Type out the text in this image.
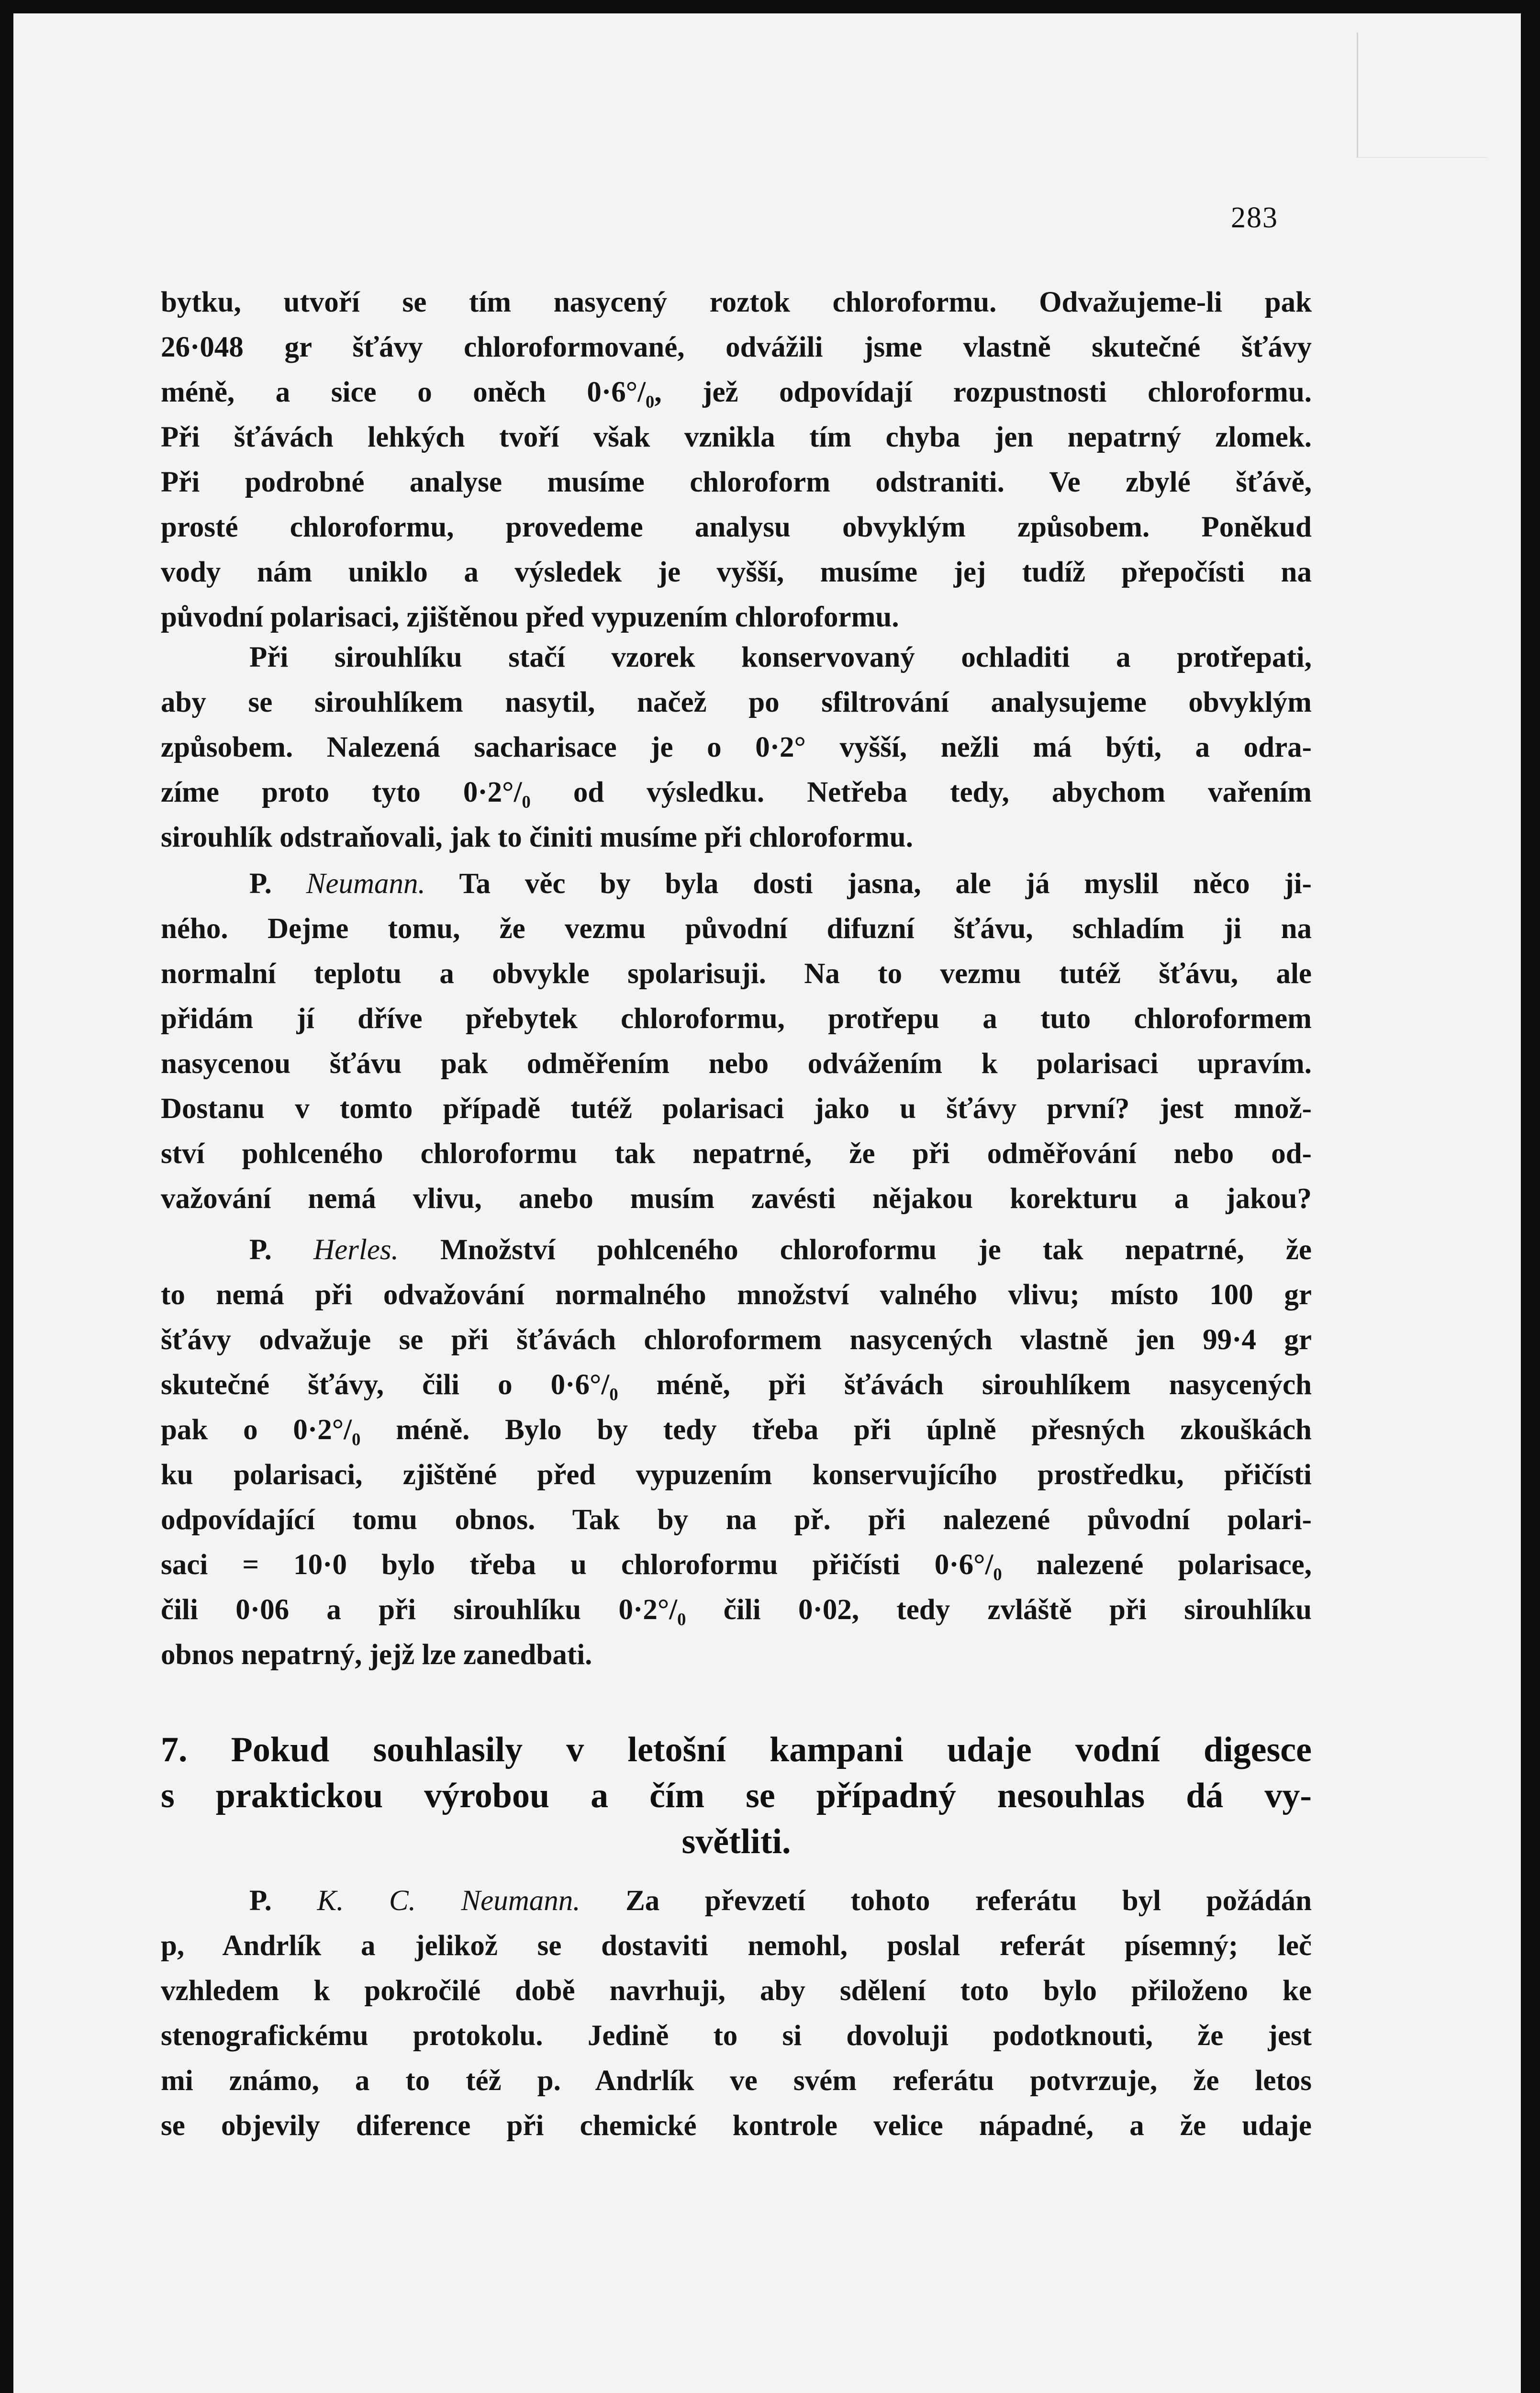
283
bytku, utvoří se tím nasycený roztok chloroformu. Odvažujeme-li pak
26·048 gr šťávy chloroformované, odvážili jsme vlastně skutečné šťávy
méně, a sice o oněch 0·6°/₀, jež odpovídají rozpustnosti chloroformu.
Při šťávách lehkých tvoří však vznikla tím chyba jen nepatrný zlomek.
Při podrobné analyse musíme chloroform odstraniti. Ve zbylé šťávě,
prosté chloroformu, provedeme analysu obvyklým způsobem. Poněkud
vody nám uniklo a výsledek je vyšší, musíme jej tudíž přepočísti na
původní polarisaci, zjištěnou před vypuzením chloroformu.
Při sirouhlíku stačí vzorek konservovaný ochladiti a protřepati,
aby se sirouhlíkem nasytil, načež po sfiltrování analysujeme obvyklým
způsobem. Nalezená sacharisace je o 0·2° vyšší, nežli má býti, a odra-
zíme proto tyto 0·2°/₀ od výsledku. Netřeba tedy, abychom vařením
sirouhlík odstraňovali, jak to činiti musíme při chloroformu.
P. Neumann. Ta věc by byla dosti jasna, ale já myslil něco ji-
ného. Dejme tomu, že vezmu původní difuzní šťávu, schladím ji na
normalní teplotu a obvykle spolarisuji. Na to vezmu tutéž šťávu, ale
přidám jí dříve přebytek chloroformu, protřepu a tuto chloroformem
nasycenou šťávu pak odměřením nebo odvážením k polarisaci upravím.
Dostanu v tomto případě tutéž polarisaci jako u šťávy první? jest množ-
ství pohlceného chloroformu tak nepatrné, že při odměřování nebo od-
važování nemá vlivu, anebo musím zavésti nějakou korekturu a jakou?
P. Herles. Množství pohlceného chloroformu je tak nepatrné, že
to nemá při odvažování normalného množství valného vlivu; místo 100 gr
šťávy odvažuje se při šťávách chloroformem nasycených vlastně jen 99·4 gr
skutečné šťávy, čili o 0·6°/₀ méně, při šťávách sirouhlíkem nasycených
pak o 0·2°/₀ méně. Bylo by tedy třeba při úplně přesných zkouškách
ku polarisaci, zjištěné před vypuzením konservujícího prostředku, přičísti
odpovídající tomu obnos. Tak by na př. při nalezené původní polari-
saci = 10·0 bylo třeba u chloroformu přičísti 0·6°/₀ nalezené polarisace,
čili 0·06 a při sirouhlíku 0·2°/₀ čili 0·02, tedy zvláště při sirouhlíku
obnos nepatrný, jejž lze zanedbati.
7. Pokud souhlasily v letošní kampani udaje vodní digesce
s praktickou výrobou a čím se případný nesouhlas dá vy-
světliti.
P. K. C. Neumann. Za převzetí tohoto referátu byl požádán
p, Andrlík a jelikož se dostaviti nemohl, poslal referát písemný; leč
vzhledem k pokročilé době navrhuji, aby sdělení toto bylo přiloženo ke
stenografickému protokolu. Jedině to si dovoluji podotknouti, že jest
mi známo, a to též p. Andrlík ve svém referátu potvrzuje, že letos
se objevily diference při chemické kontrole velice nápadné, a že udaje
